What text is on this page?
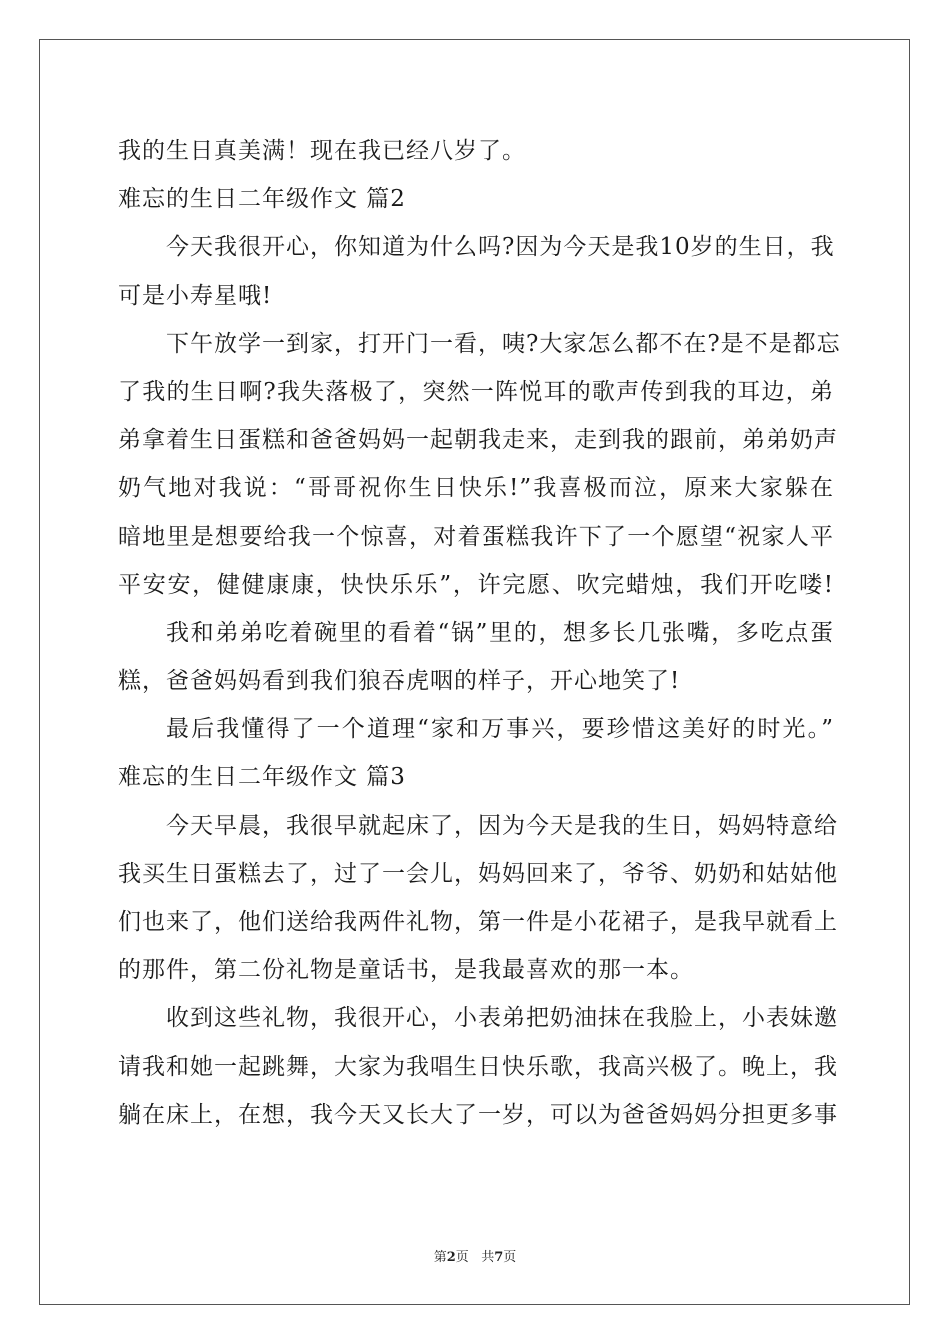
我的生日真美满！现在我已经八岁了。
难忘的生日二年级作文 篇2
今天我很开心，你知道为什么吗?因为今天是我10岁的生日，我
可是小寿星哦!
下午放学一到家，打开门一看，咦?大家怎么都不在?是不是都忘
了我的生日啊?我失落极了，突然一阵悦耳的歌声传到我的耳边，弟
弟拿着生日蛋糕和爸爸妈妈一起朝我走来，走到我的跟前，弟弟奶声
奶气地对我说：“哥哥祝你生日快乐!”我喜极而泣，原来大家躲在
暗地里是想要给我一个惊喜，对着蛋糕我许下了一个愿望“祝家人平
平安安，健健康康，快快乐乐”，许完愿、吹完蜡烛，我们开吃喽!
我和弟弟吃着碗里的看着“锅”里的，想多长几张嘴，多吃点蛋
糕，爸爸妈妈看到我们狼吞虎咽的样子，开心地笑了!
最后我懂得了一个道理“家和万事兴，要珍惜这美好的时光。”
难忘的生日二年级作文 篇3
今天早晨，我很早就起床了，因为今天是我的生日，妈妈特意给
我买生日蛋糕去了，过了一会儿，妈妈回来了，爷爷、奶奶和姑姑他
们也来了，他们送给我两件礼物，第一件是小花裙子，是我早就看上
的那件，第二份礼物是童话书，是我最喜欢的那一本。
收到这些礼物，我很开心，小表弟把奶油抹在我脸上，小表妹邀
请我和她一起跳舞，大家为我唱生日快乐歌，我高兴极了。晚上，我
躺在床上，在想，我今天又长大了一岁，可以为爸爸妈妈分担更多事
第2页 共7页
